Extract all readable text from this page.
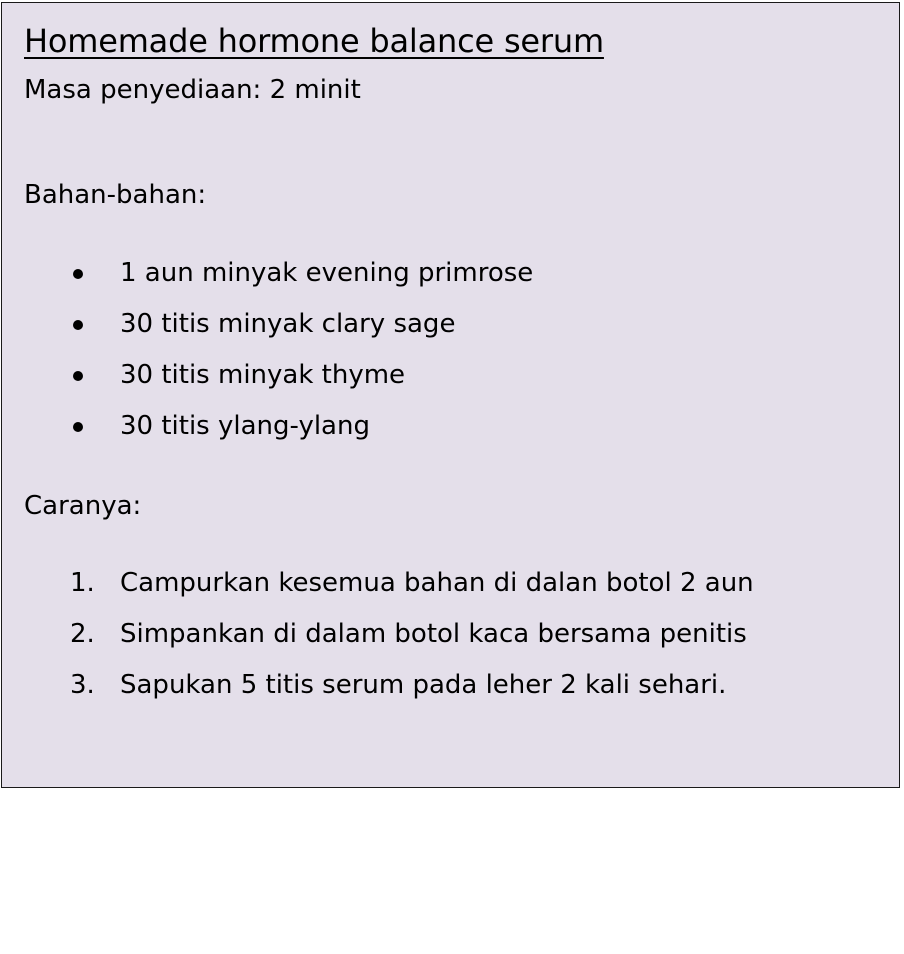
Homemade hormone balance serum
Masa penyediaan: 2 minit
Bahan-bahan:
1 aun minyak evening primrose
30 titis minyak clary sage
30 titis minyak thyme
30 titis ylang-ylang
Caranya:
1. Campurkan kesemua bahan di dalan botol 2 aun
2. Simpankan di dalam botol kaca bersama penitis
3. Sapukan 5 titis serum pada leher 2 kali sehari.
